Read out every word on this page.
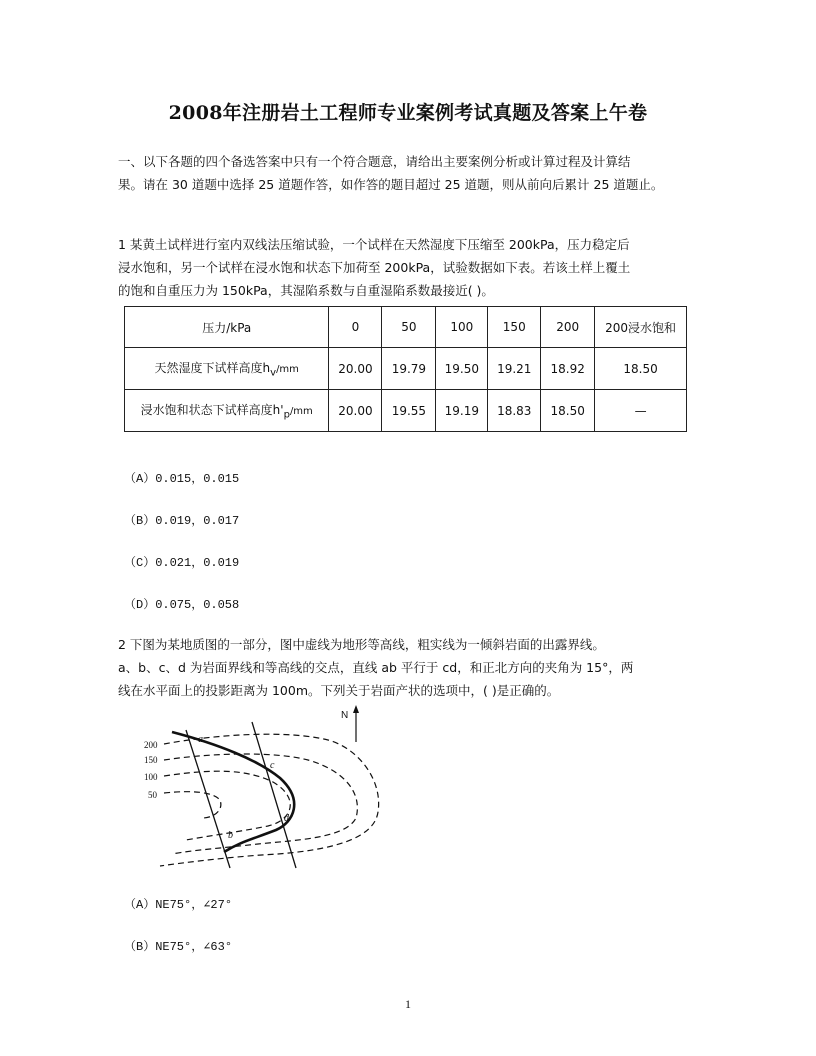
2008年注册岩土工程师专业案例考试真题及答案上午卷
一、以下各题的四个备选答案中只有一个符合题意，请给出主要案例分析或计算过程及计算结
果。请在 30 道题中选择 25 道题作答，如作答的题目超过 25 道题，则从前向后累计 25 道题止。
1 某黄土试样进行室内双线法压缩试验，一个试样在天然湿度下压缩至 200kPa，压力稳定后
浸水饱和，另一个试样在浸水饱和状态下加荷至 200kPa，试验数据如下表。若该土样上覆土
的饱和自重压力为 150kPa，其湿陷系数与自重湿陷系数最接近( )。
压力/kPa	0	50	100	150	200	200浸水饱和
天然湿度下试样高度$h_v/mm$	20.00	19.79	19.50	19.21	18.92	18.50
浸水饱和状态下试样高度$h'_p/mm$	20.00	19.55	19.19	18.83	18.50	—
（A）0.015，0.015
（B）0.019，0.017
（C）0.021，0.019
（D）0.075，0.058
2 下图为某地质图的一部分，图中虚线为地形等高线，粗实线为一倾斜岩面的出露界线。
a、b、c、d 为岩面界线和等高线的交点，直线 ab 平行于 cd，和正北方向的夹角为 15°，两
线在水平面上的投影距离为 100m。下列关于岩面产状的选项中，( )是正确的。
N
200
150
100
50
a
b
c
d
（A）NE75°，∠27°
（B）NE75°，∠63°
1
